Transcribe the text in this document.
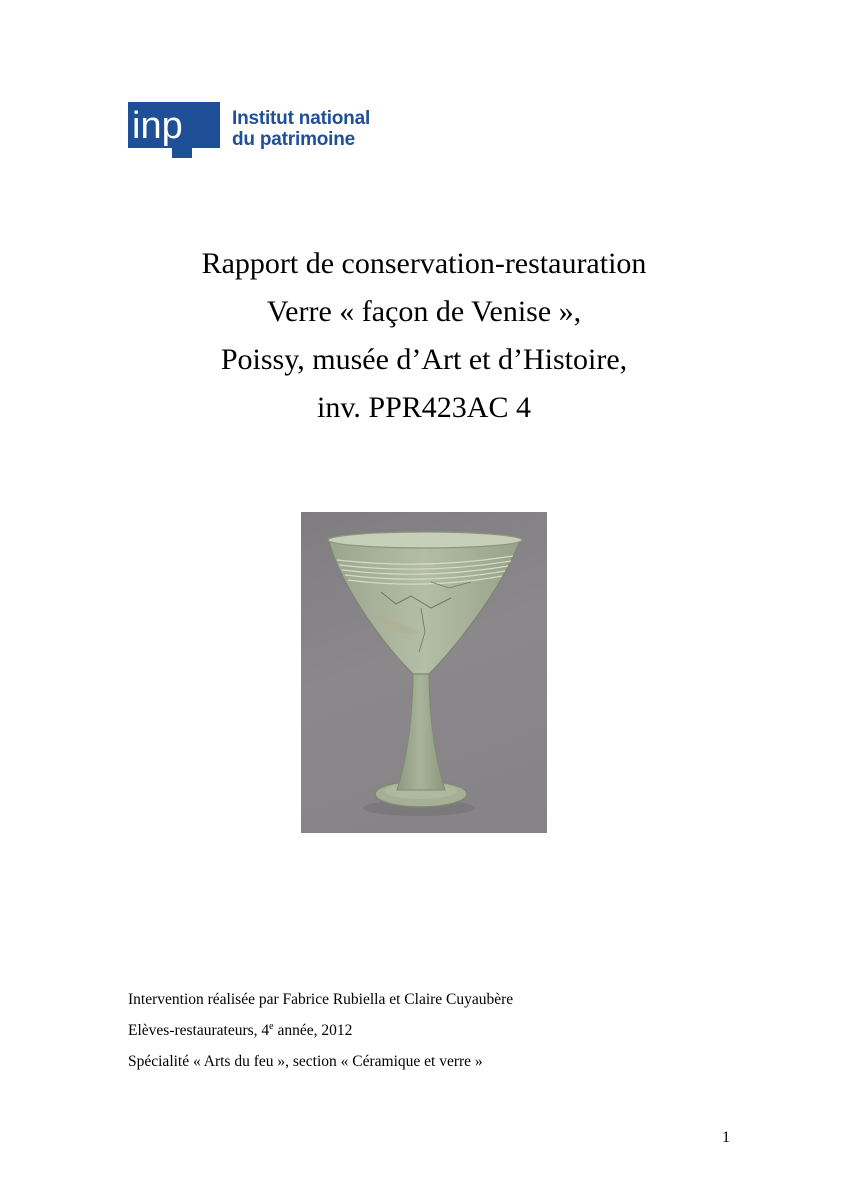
inp	Institut national
du patrimoine
Rapport de conservation-restauration
Verre « façon de Venise »,
Poissy, musée d’Art et d’Histoire,
inv. PPR423AC 4
Intervention réalisée par Fabrice Rubiella et Claire Cuyaubère
Elèves-restaurateurs, 4e année, 2012
Spécialité « Arts du feu », section « Céramique et verre »
1
